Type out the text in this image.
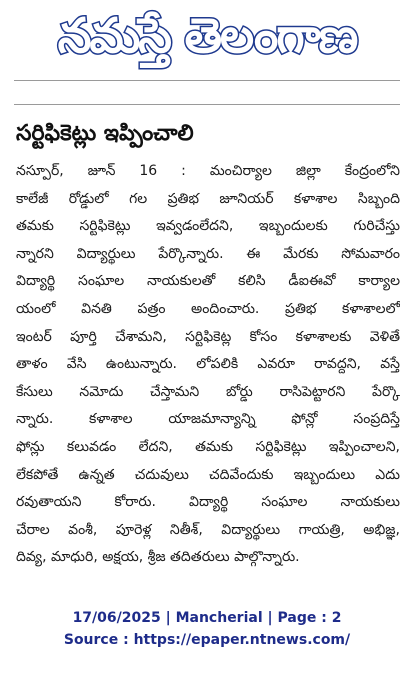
నమస్తే తెలంగాణ
సర్టిఫికెట్లు ఇప్పించాలి
నస్పూర్, జూన్ 16 : మంచిర్యాల జిల్లా కేంద్రంలోని
కాలేజీ రోడ్డులో గల ప్రతిభ జూనియర్ కళాశాల సిబ్బంది
తమకు సర్టిఫికెట్లు ఇవ్వడంలేదని, ఇబ్బందులకు గురిచేస్తు
న్నారని విద్యార్థులు పేర్కొన్నారు. ఈ మేరకు సోమవారం
విద్యార్థి సంఘాల నాయకులతో కలిసి డీఐఈవో కార్యాల
యంలో వినతి పత్రం అందించారు. ప్రతిభ కళాశాలలో
ఇంటర్ పూర్తి చేశామని, సర్టిఫికెట్ల కోసం కళాశాలకు వెళితే
తాళం వేసి ఉంటున్నారు. లోపలికి ఎవరూ రావద్దని, వస్తే
కేసులు నమోదు చేస్తామని బోర్డు రాసిపెట్టారని పేర్కొ
న్నారు. కళాశాల యాజమాన్యాన్ని ఫోన్లో సంప్రదిస్తే
ఫోన్లు కలువడం లేదని, తమకు సర్టిఫికెట్లు ఇప్పించాలని,
లేకపోతే ఉన్నత చదువులు చదివేందుకు ఇబ్బందులు ఎదు
రవుతాయని కోరారు. విద్యార్థి సంఘాల నాయకులు
చేరాల వంశీ, పూరెళ్ల నితీశ్, విద్యార్థులు గాయత్రి, అభిజ్ఞ,
దివ్య, మాధురి, అక్షయ, శ్రీజ తదితరులు పాల్గొన్నారు.
17/06/2025 | Mancherial | Page : 2
Source : https://epaper.ntnews.com/
